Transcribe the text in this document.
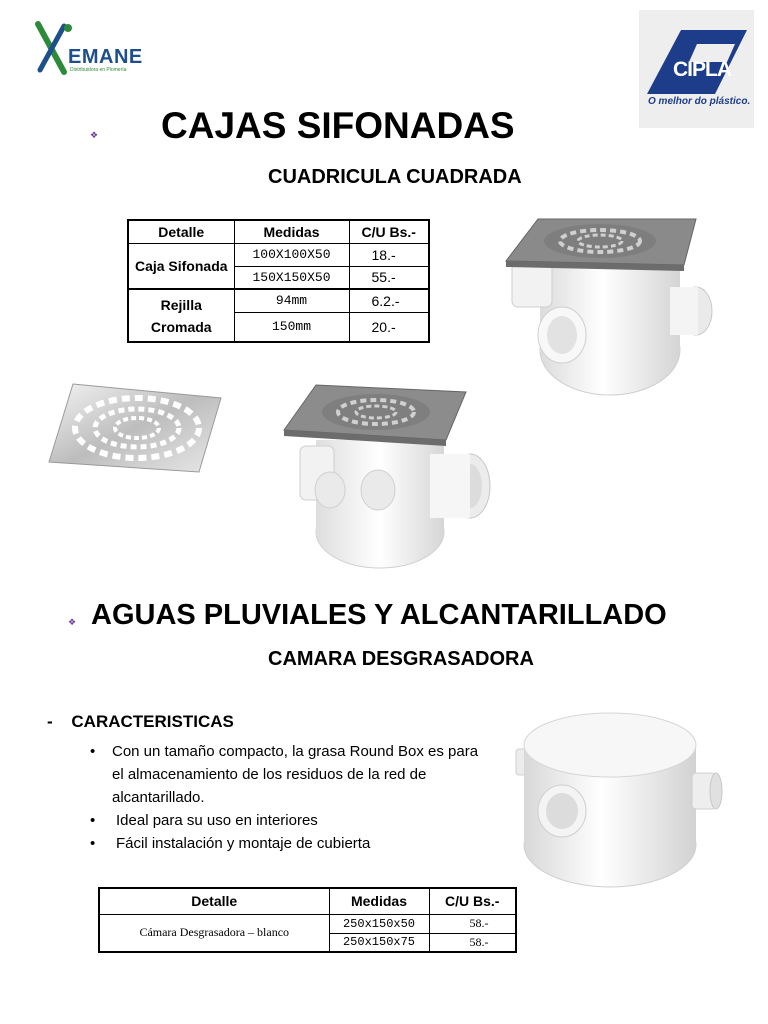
EMANE
Distribuidora en Plomería	CIPLA
O melhor do plástico.
❖ CAJAS SIFONADAS
CUADRICULA CUADRADA
Detalle	Medidas	C/U Bs.-
Caja Sifonada	100X100X50	18.-
	150X150X50	55.-
Rejilla Cromada	94mm	6.2.-
	150mm	20.-
❖ AGUAS PLUVIALES Y ALCANTARILLADO
CAMARA DESGRASADORA
- CARACTERISTICAS
• Con un tamaño compacto, la grasa Round Box es para el almacenamiento de los residuos de la red de alcantarillado.
• Ideal para su uso en interiores
• Fácil instalación y montaje de cubierta
Detalle	Medidas	C/U Bs.-
Cámara Desgrasadora – blanco	250x150x50	58.-
	250x150x75	58.-
